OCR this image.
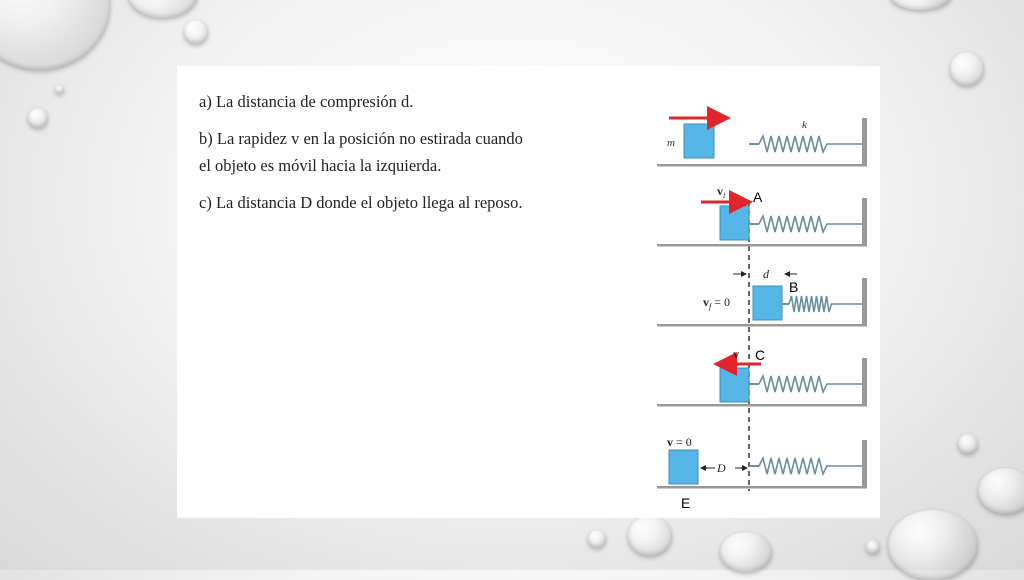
a) La distancia de compresión d.

b) La rapidez v en la posición no estirada cuando
el objeto es móvil hacia la izquierda.

c) La distancia D donde el objeto llega al reposo.

m
k
$v_i$ A
$v_f = 0$
d
B
v C
v = 0
D
E
